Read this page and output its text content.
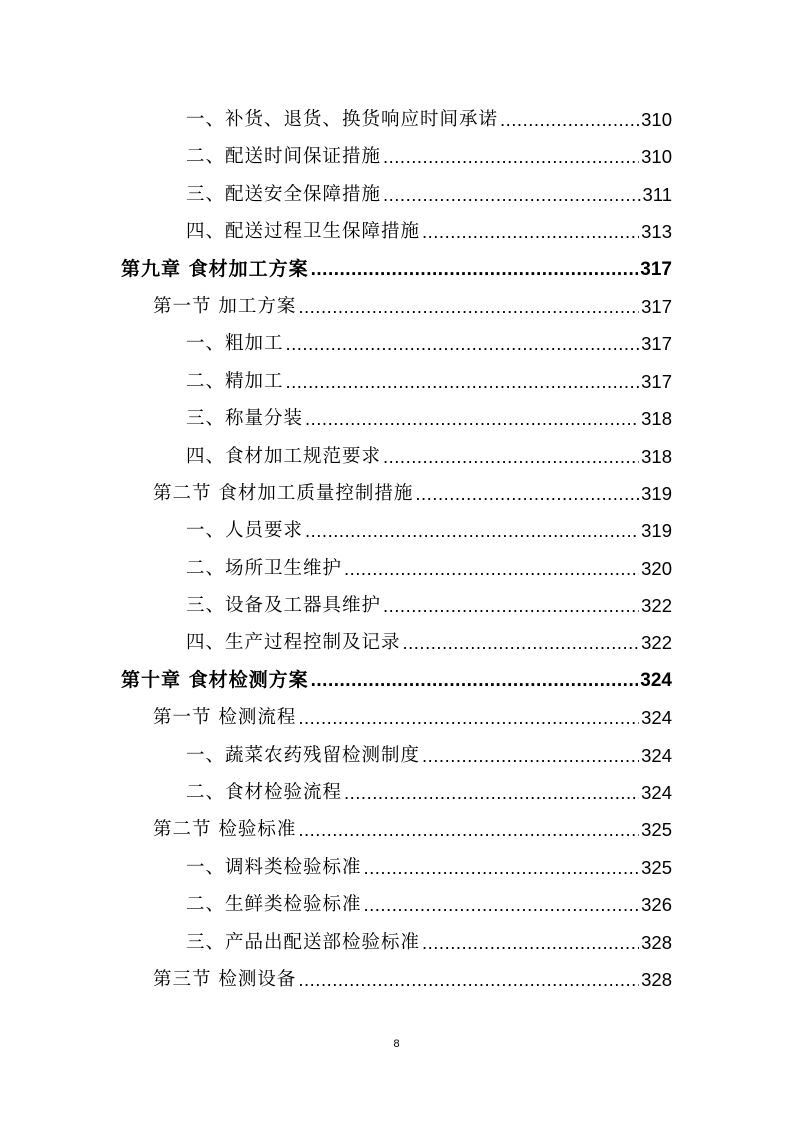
一、补货、退货、换货响应时间承诺 .....	310
二、配送时间保证措施 .....	310
三、配送安全保障措施 .....	311
四、配送过程卫生保障措施 .....	313
第九章 食材加工方案 .....	317
第一节 加工方案 .....	317
一、粗加工 .....	317
二、精加工 .....	317
三、称量分装 .....	318
四、食材加工规范要求 .....	318
第二节 食材加工质量控制措施 .....	319
一、人员要求 .....	319
二、场所卫生维护 .....	320
三、设备及工器具维护 .....	322
四、生产过程控制及记录 .....	322
第十章 食材检测方案 .....	324
第一节 检测流程 .....	324
一、蔬菜农药残留检测制度 .....	324
二、食材检验流程 .....	324
第二节 检验标准 .....	325
一、调料类检验标准 .....	325
二、生鲜类检验标准 .....	326
三、产品出配送部检验标准 .....	328
第三节 检测设备 .....	328
8
